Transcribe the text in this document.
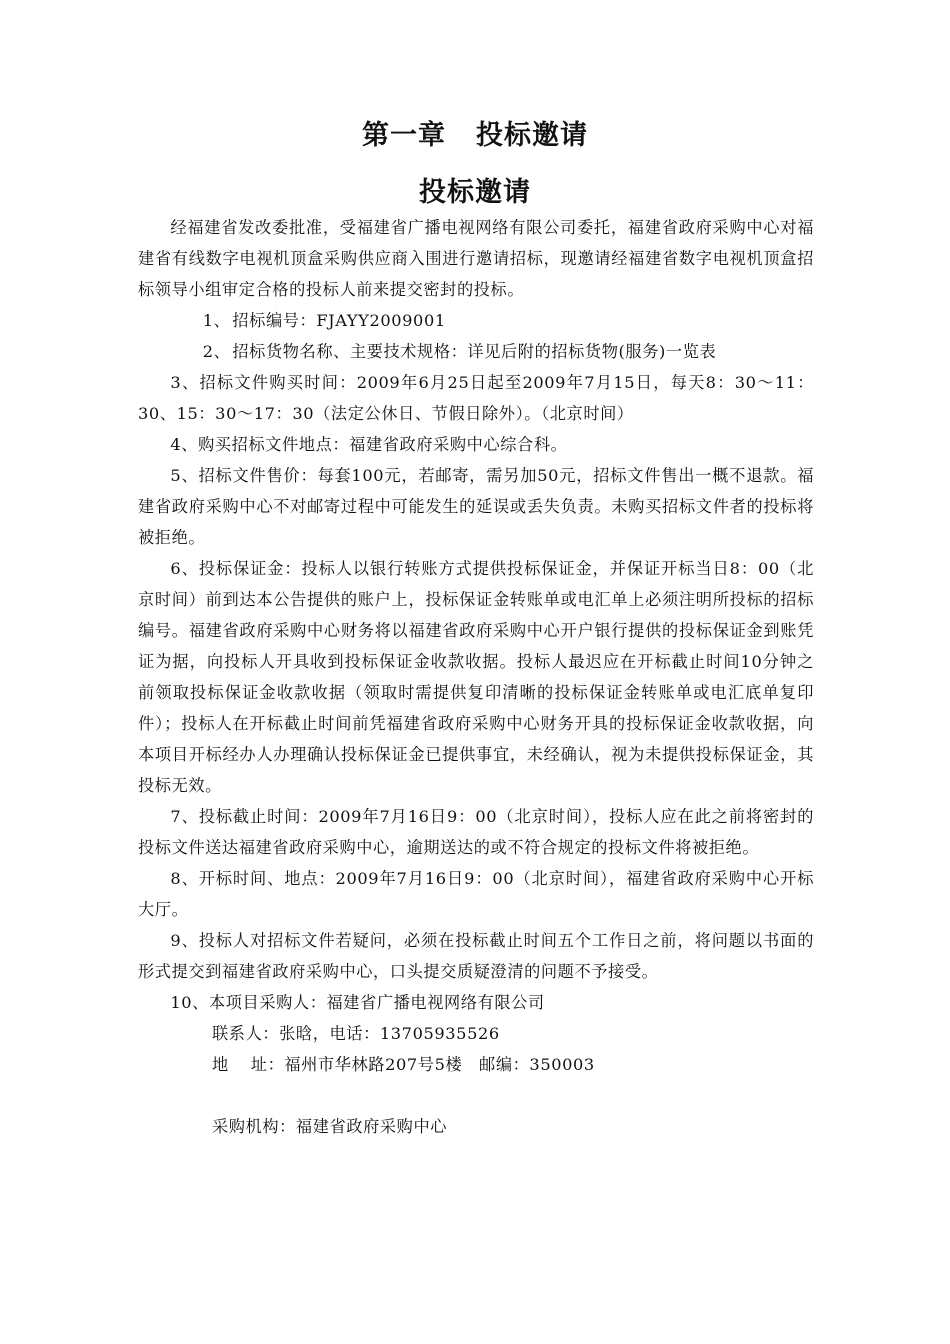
第一章 投标邀请
投标邀请

经福建省发改委批准，受福建省广播电视网络有限公司委托，福建省政府采购中心对福建省有线数字电视机顶盒采购供应商入围进行邀请招标，现邀请经福建省数字电视机顶盒招标领导小组审定合格的投标人前来提交密封的投标。

1、 招标编号：FJAYY2009001

2、 招标货物名称、主要技术规格：详见后附的招标货物(服务)一览表

3、招标文件购买时间：2009年6月25日起至2009年7月15日，每天8：30～11：30、15：30～17：30（法定公休日、节假日除外）。（北京时间）

4、购买招标文件地点：福建省政府采购中心综合科。

5、招标文件售价：每套100元，若邮寄，需另加50元，招标文件售出一概不退款。福建省政府采购中心不对邮寄过程中可能发生的延误或丢失负责。未购买招标文件者的投标将被拒绝。

6、投标保证金：投标人以银行转账方式提供投标保证金，并保证开标当日8：00（北京时间）前到达本公告提供的账户上，投标保证金转账单或电汇单上必须注明所投标的招标编号。福建省政府采购中心财务将以福建省政府采购中心开户银行提供的投标保证金到账凭证为据，向投标人开具收到投标保证金收款收据。投标人最迟应在开标截止时间10分钟之前领取投标保证金收款收据（领取时需提供复印清晰的投标保证金转账单或电汇底单复印件）；投标人在开标截止时间前凭福建省政府采购中心财务开具的投标保证金收款收据，向本项目开标经办人办理确认投标保证金已提供事宜，未经确认，视为未提供投标保证金，其投标无效。

7、投标截止时间：2009年7月16日9：00（北京时间），投标人应在此之前将密封的投标文件送达福建省政府采购中心，逾期送达的或不符合规定的投标文件将被拒绝。

8、开标时间、地点：2009年7月16日9：00（北京时间），福建省政府采购中心开标大厅。

9、投标人对招标文件若疑问，必须在投标截止时间五个工作日之前，将问题以书面的形式提交到福建省政府采购中心，口头提交质疑澄清的问题不予接受。

10、本项目采购人：福建省广播电视网络有限公司

联系人：张晗，电话：13705935526

地 址：福州市华林路207号5楼　邮编：350003

采购机构：福建省政府采购中心
